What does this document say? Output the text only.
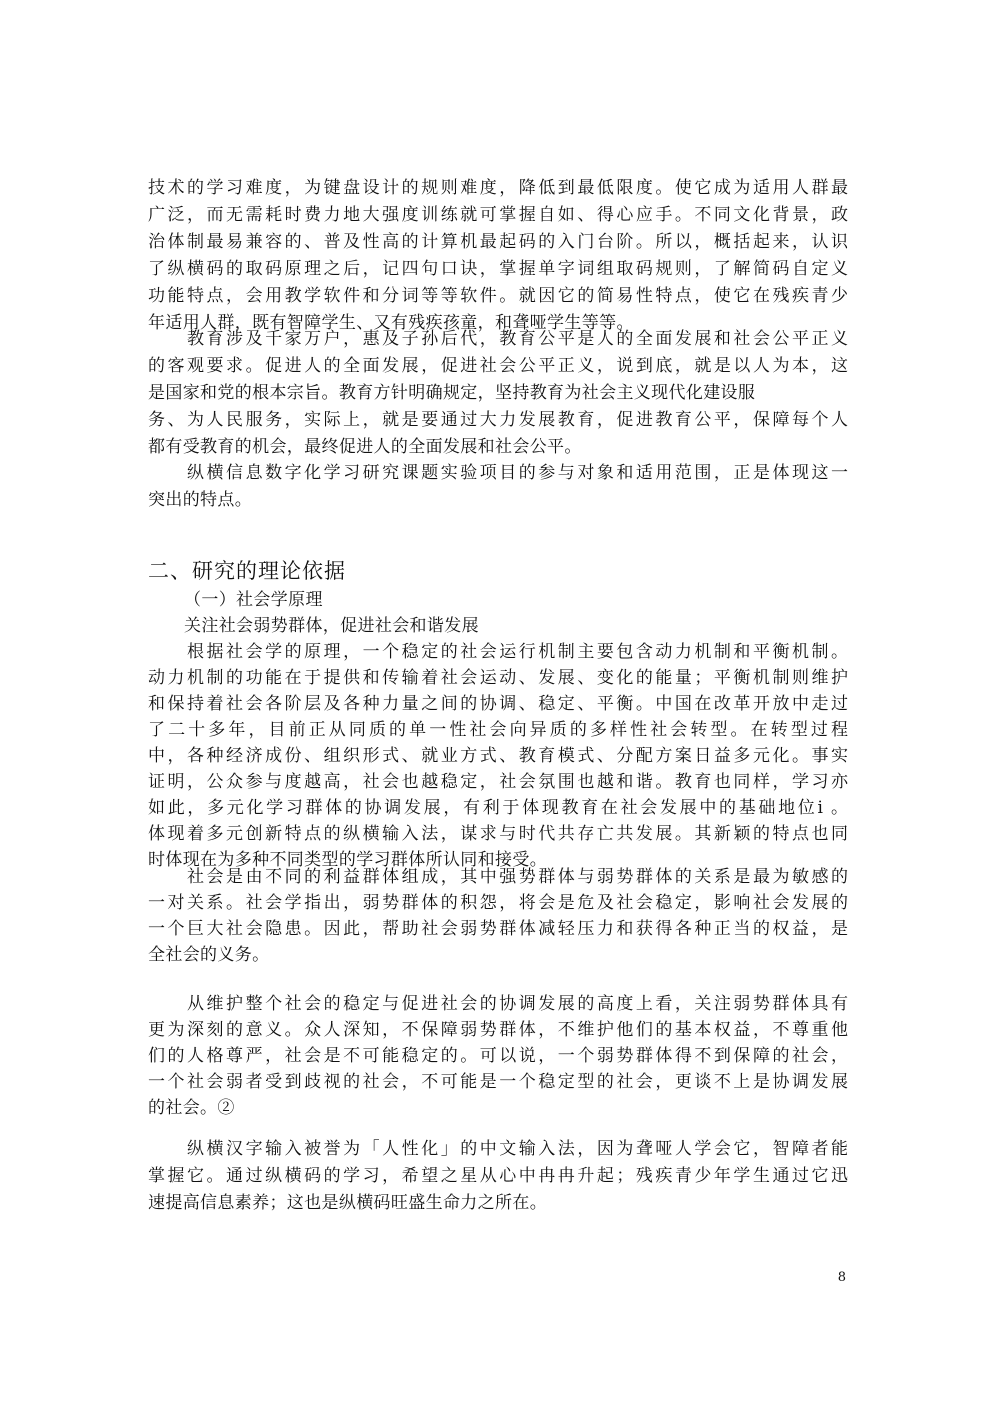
技术的学习难度，为键盘设计的规则难度，降低到最低限度。使它成为适用人群最
广泛，而无需耗时费力地大强度训练就可掌握自如、得心应手。不同文化背景，政
治体制最易兼容的、普及性高的计算机最起码的入门台阶。所以，概括起来，认识
了纵横码的取码原理之后，记四句口诀，掌握单字词组取码规则，了解简码自定义
功能特点，会用教学软件和分词等等软件。就因它的简易性特点，使它在残疾青少
年适用人群，既有智障学生、又有残疾孩童，和聋哑学生等等。
　　教育涉及千家万户，惠及子孙后代，教育公平是人的全面发展和社会公平正义
的客观要求。促进人的全面发展，促进社会公平正义，说到底，就是以人为本，这
是国家和党的根本宗旨。教育方针明确规定，坚持教育为社会主义现代化建设服
务、为人民服务，实际上，就是要通过大力发展教育，促进教育公平，保障每个人
都有受教育的机会，最终促进人的全面发展和社会公平。
　　纵横信息数字化学习研究课题实验项目的参与对象和适用范围，正是体现这一
突出的特点。
二、研究的理论依据
（一）社会学原理
关注社会弱势群体，促进社会和谐发展
　　根据社会学的原理，一个稳定的社会运行机制主要包含动力机制和平衡机制。
动力机制的功能在于提供和传输着社会运动、发展、变化的能量；平衡机制则维护
和保持着社会各阶层及各种力量之间的协调、稳定、平衡。中国在改革开放中走过
了二十多年，目前正从同质的单一性社会向异质的多样性社会转型。在转型过程
中，各种经济成份、组织形式、就业方式、教育模式、分配方案日益多元化。事实
证明，公众参与度越高，社会也越稳定，社会氛围也越和谐。教育也同样，学习亦
如此，多元化学习群体的协调发展，有利于体现教育在社会发展中的基础地位i 。
体现着多元创新特点的纵横输入法，谋求与时代共存亡共发展。其新颖的特点也同
时体现在为多种不同类型的学习群体所认同和接受。
　　社会是由不同的利益群体组成，其中强势群体与弱势群体的关系是最为敏感的
一对关系。社会学指出，弱势群体的积怨，将会是危及社会稳定，影响社会发展的
一个巨大社会隐患。因此，帮助社会弱势群体减轻压力和获得各种正当的权益，是
全社会的义务。
　　从维护整个社会的稳定与促进社会的协调发展的高度上看，关注弱势群体具有
更为深刻的意义。众人深知，不保障弱势群体，不维护他们的基本权益，不尊重他
们的人格尊严，社会是不可能稳定的。可以说，一个弱势群体得不到保障的社会，
一个社会弱者受到歧视的社会，不可能是一个稳定型的社会，更谈不上是协调发展
的社会。②
　　纵横汉字输入被誉为「人性化」的中文输入法，因为聋哑人学会它，智障者能
掌握它。通过纵横码的学习，希望之星从心中冉冉升起；残疾青少年学生通过它迅
速提高信息素养；这也是纵横码旺盛生命力之所在。
8
